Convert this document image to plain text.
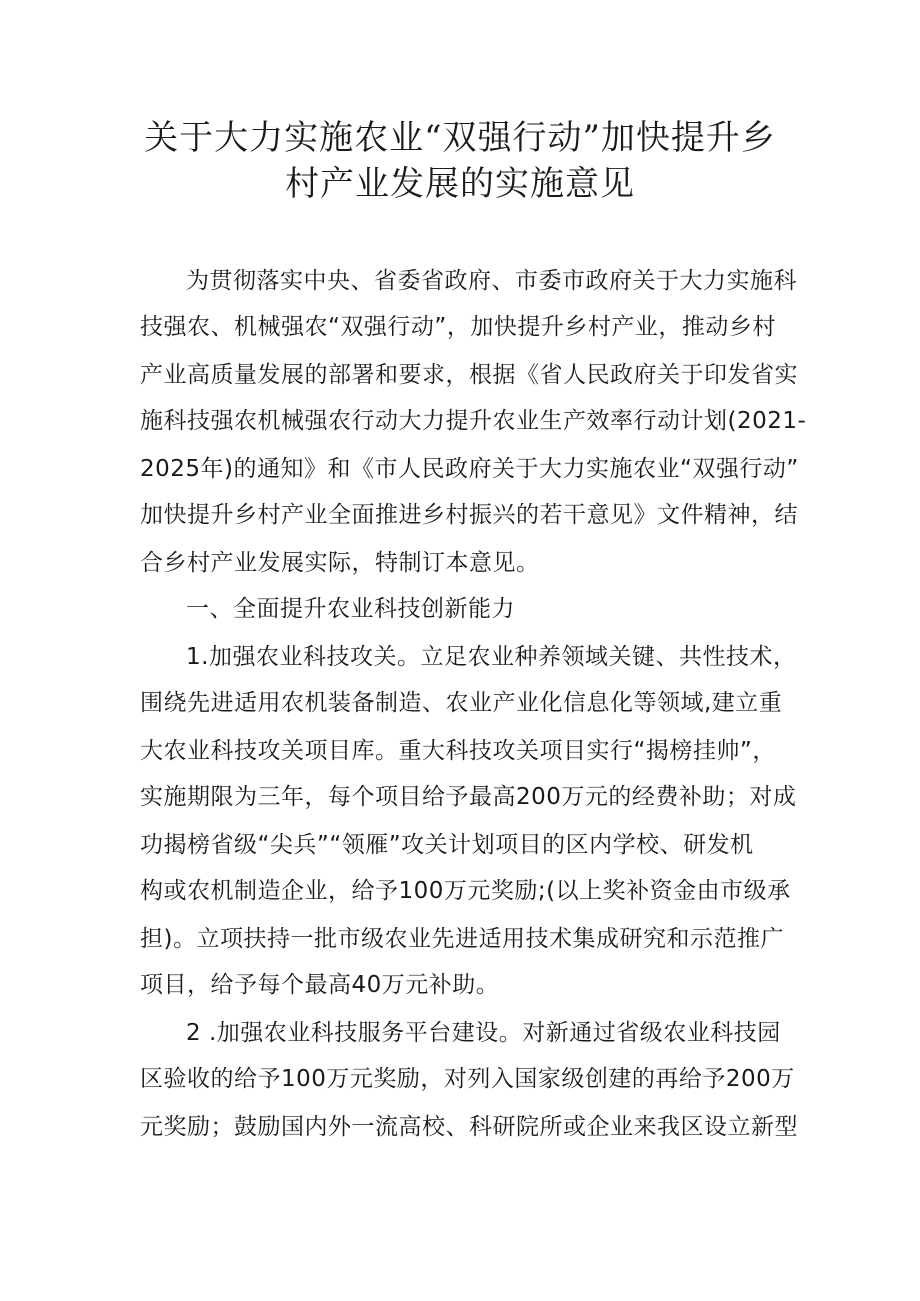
关于大力实施农业“双强行动”加快提升乡
村产业发展的实施意见
为贯彻落实中央、省委省政府、市委市政府关于大力实施科
技强农、机械强农“双强行动”，加快提升乡村产业，推动乡村
产业高质量发展的部署和要求，根据《省人民政府关于印发省实
施科技强农机械强农行动大力提升农业生产效率行动计划(2021-
2025年)的通知》和《市人民政府关于大力实施农业“双强行动”
加快提升乡村产业全面推进乡村振兴的若干意见》文件精神，结
合乡村产业发展实际，特制订本意见。
一、全面提升农业科技创新能力
1.加强农业科技攻关。立足农业种养领域关键、共性技术，
围绕先进适用农机装备制造、农业产业化信息化等领域,建立重
大农业科技攻关项目库。重大科技攻关项目实行“揭榜挂帅”，
实施期限为三年，每个项目给予最高200万元的经费补助；对成
功揭榜省级“尖兵”“领雁”攻关计划项目的区内学校、研发机
构或农机制造企业，给予100万元奖励;(以上奖补资金由市级承
担)。立项扶持一批市级农业先进适用技术集成研究和示范推广
项目，给予每个最高40万元补助。
2 .加强农业科技服务平台建设。对新通过省级农业科技园
区验收的给予100万元奖励，对列入国家级创建的再给予200万
元奖励；鼓励国内外一流高校、科研院所或企业来我区设立新型
